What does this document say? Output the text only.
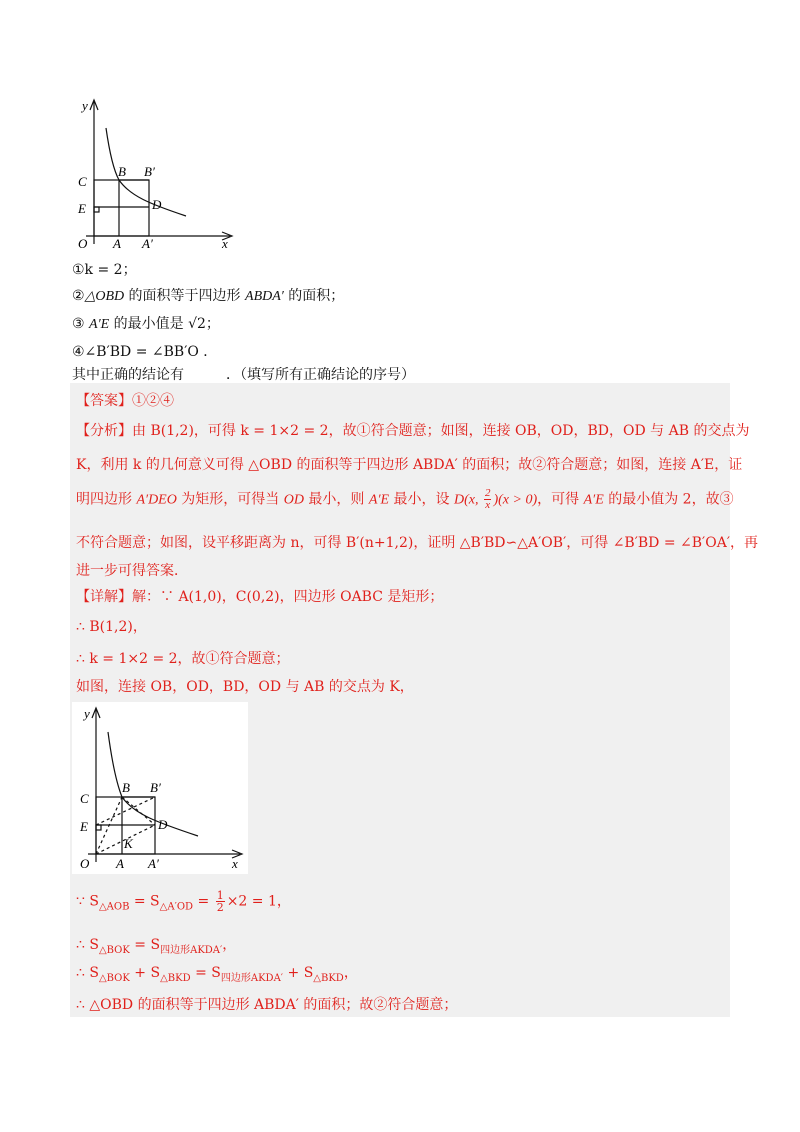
y
x
O A A′
C
E
B B′
D
①k = 2；
②△OBD 的面积等于四边形 ABDA′ 的面积；
③ A′E 的最小值是 √2；
④∠B′BD = ∠BB′O ．
其中正确的结论有	．（填写所有正确结论的序号）
【答案】①②④
【分析】由 B(1,2)，可得 k = 1×2 = 2，故①符合题意；如图，连接 OB，OD，BD，OD 与 AB 的交点为
K，利用 k 的几何意义可得 △OBD 的面积等于四边形 ABDA′ 的面积；故②符合题意；如图，连接 A′E，证
明四边形 A′DEO 为矩形，可得当 OD 最小，则 A′E 最小，设 D(x, $\frac{2}{x} )(x > 0)$，可得 A′E 的最小值为 2，故③
不符合题意；如图，设平移距离为 n，可得 B′(n+1,2)，证明 △B′BD∽△A′OB′，可得 ∠B′BD = ∠B′OA′，再
进一步可得答案．
【详解】解：∵ A(1,0)，C(0,2)，四边形 OABC 是矩形；
∴ B(1,2)，
∴ k = 1×2 = 2，故①符合题意；
如图，连接 OB，OD，BD，OD 与 AB 的交点为 K，
y
x
O A A′
C
E
B B′
D
K
∵ $S_{\triangle AOB} = S_{\triangle A'OD} = \frac{1}{2} \times 2 = 1$，
∴ $S_{\triangle BOK} = S_{四边形AKDA'}$，
∴ $S_{\triangle BOK} + S_{\triangle BKD} = S_{四边形AKDA'} + S_{\triangle BKD}$，
∴ △OBD 的面积等于四边形 ABDA′ 的面积；故②符合题意；
